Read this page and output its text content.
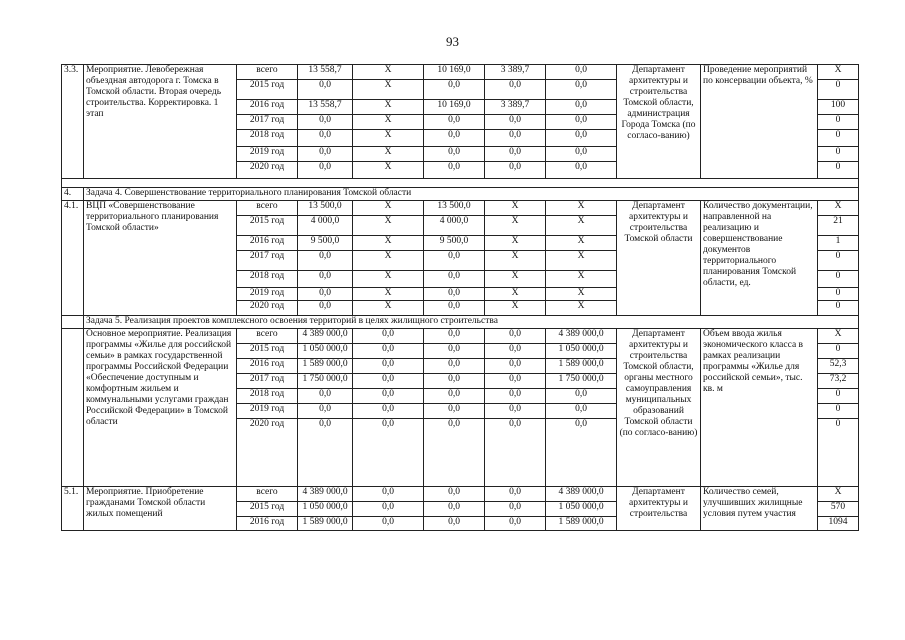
93
3.3.	Мероприятие. Левобережная объездная автодорога г. Томска в Томской области. Вторая очередь строительства. Корректировка. 1 этап	всего	13 558,7	X	10 169,0	3 389,7	0,0	Департамент архитектуры и строительства Томской области, администрация Города Томска (по согласо-ванию)	Проведение мероприятий по консервации объекта, %	X
		2015 год	0,0	X	0,0	0,0	0,0			0
		2016 год	13 558,7	X	10 169,0	3 389,7	0,0			100
		2017 год	0,0	X	0,0	0,0	0,0			0
		2018 год	0,0	X	0,0	0,0	0,0			0
		2019 год	0,0	X	0,0	0,0	0,0			0
		2020 год	0,0	X	0,0	0,0	0,0			0

4.	Задача 4. Совершенствование территориального планирования Томской области									
4.1.	ВЦП «Совершенствование территориального планирования Томской области»	всего	13 500,0	X	13 500,0	X	X	Департамент архитектуры и строительства Томской области	Количество документации, направленной на реализацию и совершенствование документов территориального планирования Томской области, ед.	X
		2015 год	4 000,0	X	4 000,0	X	X			21
		2016 год	9 500,0	X	9 500,0	X	X			1
		2017 год	0,0	X	0,0	X	X			0
		2018 год	0,0	X	0,0	X	X			0
		2019 год	0,0	X	0,0	X	X			0
		2020 год	0,0	X	0,0	X	X			0
	Задача 5. Реализация проектов комплексного освоения территорий в целях жилищного строительства									
	Основное мероприятие. Реализация программы «Жилье для российской семьи» в рамках государственной программы Российской Федерации «Обеспечение доступным и комфортным жильем и коммунальными услугами граждан Российской Федерации» в Томской области	всего	4 389 000,0	0,0	0,0	0,0	4 389 000,0	Департамент архитектуры и строительства Томской области, органы местного самоуправления муниципальных образований Томской области (по согласо-ванию)	Объем ввода жилья экономического класса в рамках реализации программы «Жилье для российской семьи», тыс. кв. м	X
		2015 год	1 050 000,0	0,0	0,0	0,0	1 050 000,0			0
		2016 год	1 589 000,0	0,0	0,0	0,0	1 589 000,0			52,3
		2017 год	1 750 000,0	0,0	0,0	0,0	1 750 000,0			73,2
		2018 год	0,0	0,0	0,0	0,0	0,0			0
		2019 год	0,0	0,0	0,0	0,0	0,0			0
		2020 год	0,0	0,0	0,0	0,0	0,0			0
5.1.	Мероприятие. Приобретение гражданами Томской области жилых помещений	всего	4 389 000,0	0,0	0,0	0,0	4 389 000,0	Департамент архитектуры и строительства	Количество семей, улучшивших жилищные условия путем участия	X
		2015 год	1 050 000,0	0,0	0,0	0,0	1 050 000,0			570
		2016 год	1 589 000,0	0,0	0,0	0,0	1 589 000,0			1094
